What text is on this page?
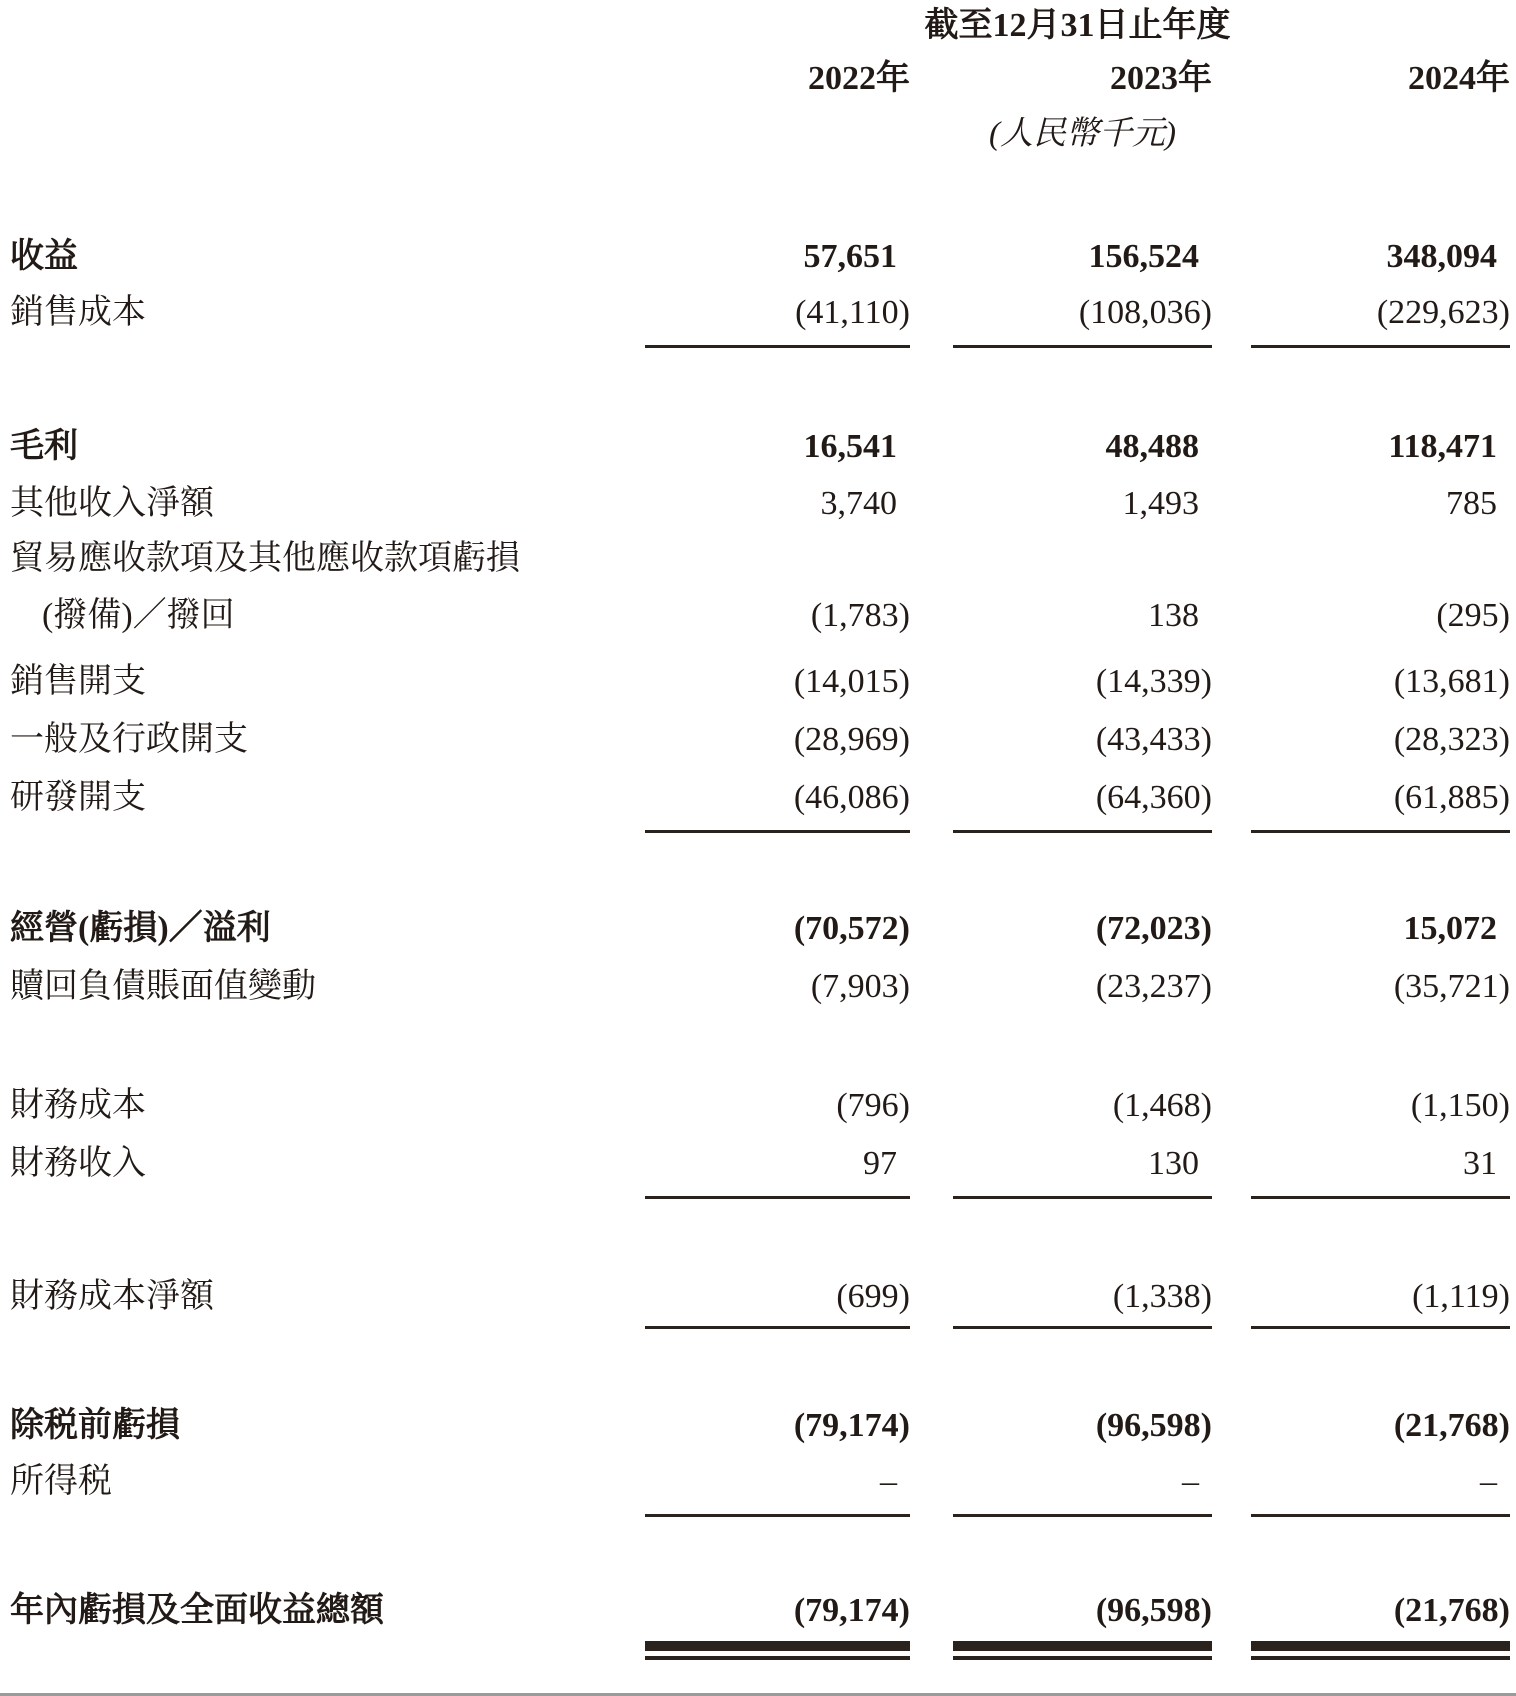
截至12月31日止年度
2022年	2023年	2024年
(人民幣千元)
收益	57,651	156,524	348,094
銷售成本	(41,110)	(108,036)	(229,623)
毛利	16,541	48,488	118,471
其他收入淨額	3,740	1,493	785
貿易應收款項及其他應收款項虧損
(撥備)／撥回	(1,783)	138	(295)
銷售開支	(14,015)	(14,339)	(13,681)
一般及行政開支	(28,969)	(43,433)	(28,323)
研發開支	(46,086)	(64,360)	(61,885)
經營(虧損)／溢利	(70,572)	(72,023)	15,072
贖回負債賬面值變動	(7,903)	(23,237)	(35,721)
財務成本	(796)	(1,468)	(1,150)
財務收入	97	130	31
財務成本淨額	(699)	(1,338)	(1,119)
除税前虧損	(79,174)	(96,598)	(21,768)
所得税	–	–	–
年內虧損及全面收益總額	(79,174)	(96,598)	(21,768)
